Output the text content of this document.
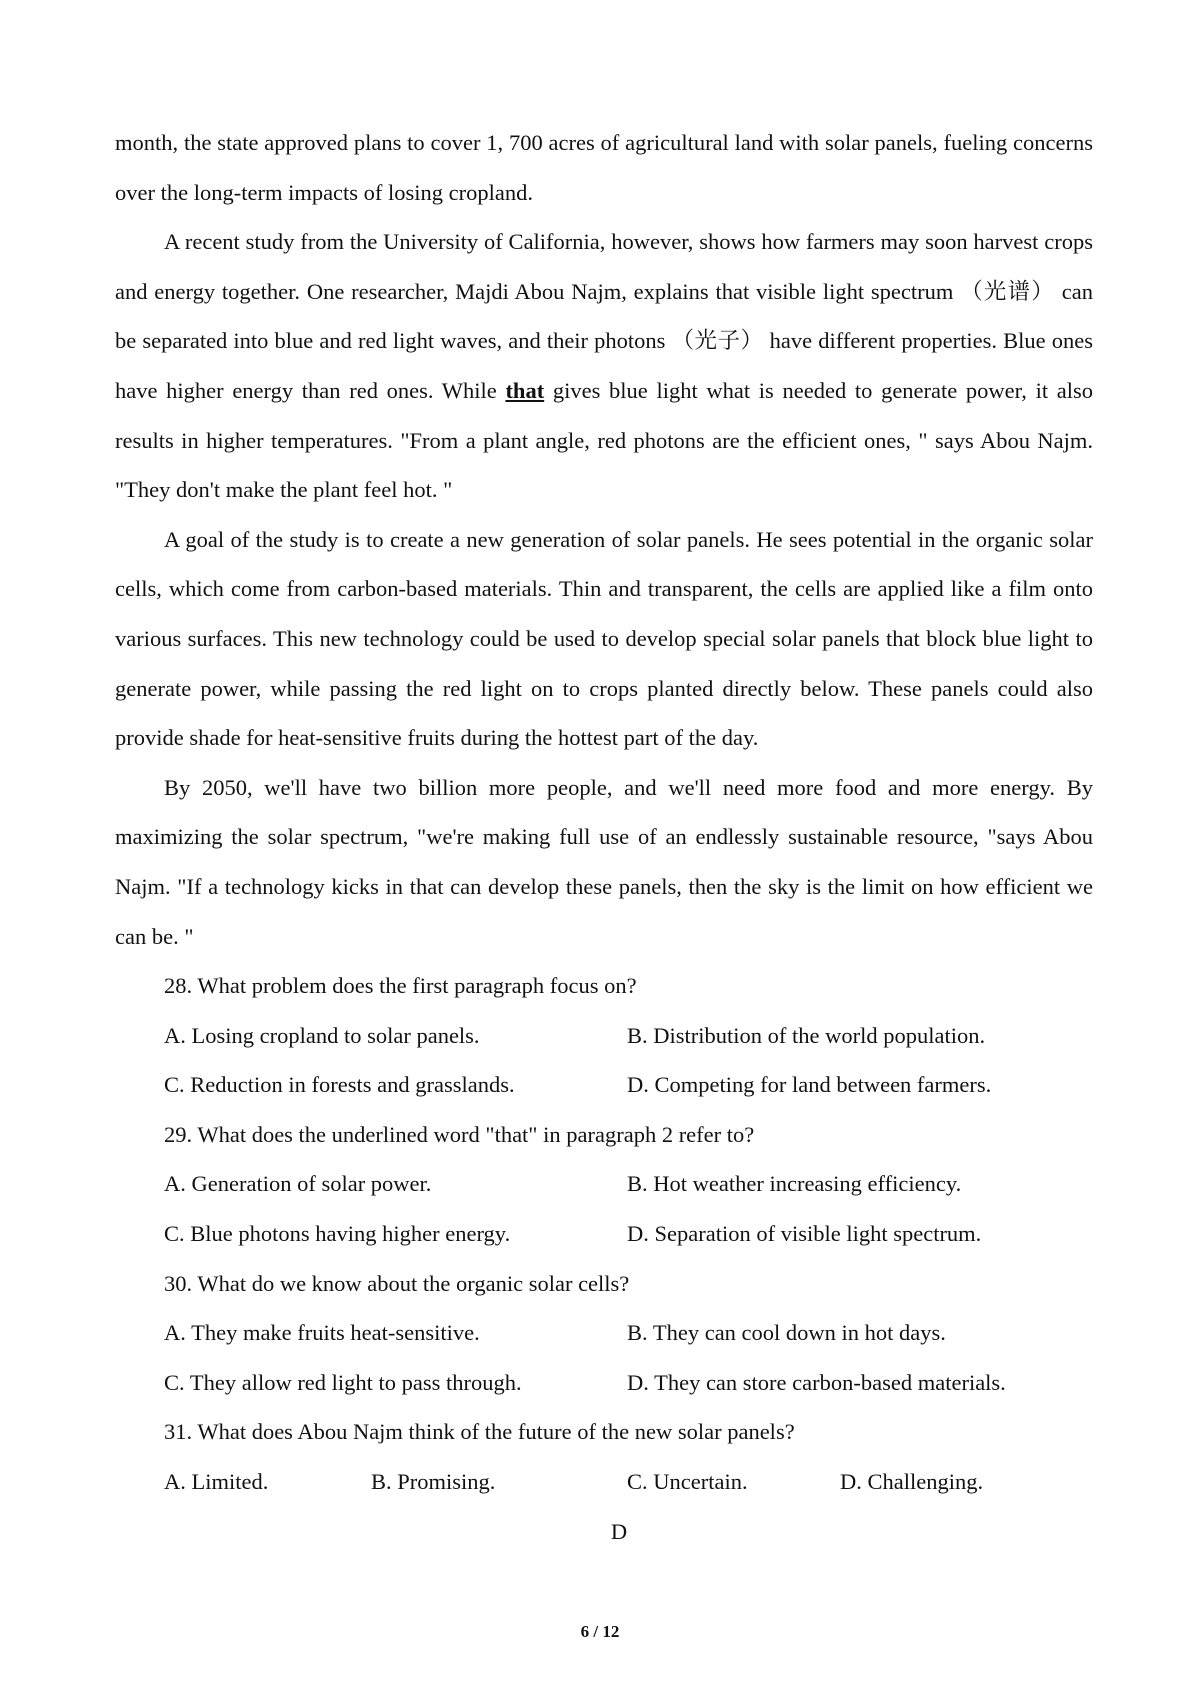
month, the state approved plans to cover 1, 700 acres of agricultural land with solar panels, fueling concerns over the long-term impacts of losing cropland.

A recent study from the University of California, however, shows how farmers may soon harvest crops and energy together. One researcher, Majdi Abou Najm, explains that visible light spectrum （光谱） can be separated into blue and red light waves, and their photons （光子） have different properties. Blue ones have higher energy than red ones. While that gives blue light what is needed to generate power, it also results in higher temperatures. "From a plant angle, red photons are the efficient ones, " says Abou Najm. "They don't make the plant feel hot. "

A goal of the study is to create a new generation of solar panels. He sees potential in the organic solar cells, which come from carbon-based materials. Thin and transparent, the cells are applied like a film onto various surfaces. This new technology could be used to develop special solar panels that block blue light to generate power, while passing the red light on to crops planted directly below. These panels could also provide shade for heat-sensitive fruits during the hottest part of the day.

By 2050, we'll have two billion more people, and we'll need more food and more energy. By maximizing the solar spectrum, "we're making full use of an endlessly sustainable resource, "says Abou Najm. "If a technology kicks in that can develop these panels, then the sky is the limit on how efficient we can be. "

28. What problem does the first paragraph focus on?

A. Losing cropland to solar panels.	B. Distribution of the world population.
C. Reduction in forests and grasslands.	D. Competing for land between farmers.

29. What does the underlined word "that" in paragraph 2 refer to?

A. Generation of solar power.	B. Hot weather increasing efficiency.
C. Blue photons having higher energy.	D. Separation of visible light spectrum.

30. What do we know about the organic solar cells?

A. They make fruits heat-sensitive.	B. They can cool down in hot days.
C. They allow red light to pass through.	D. They can store carbon-based materials.

31. What does Abou Najm think of the future of the new solar panels?

A. Limited.	B. Promising.	C. Uncertain.	D. Challenging.

D

6 / 12
